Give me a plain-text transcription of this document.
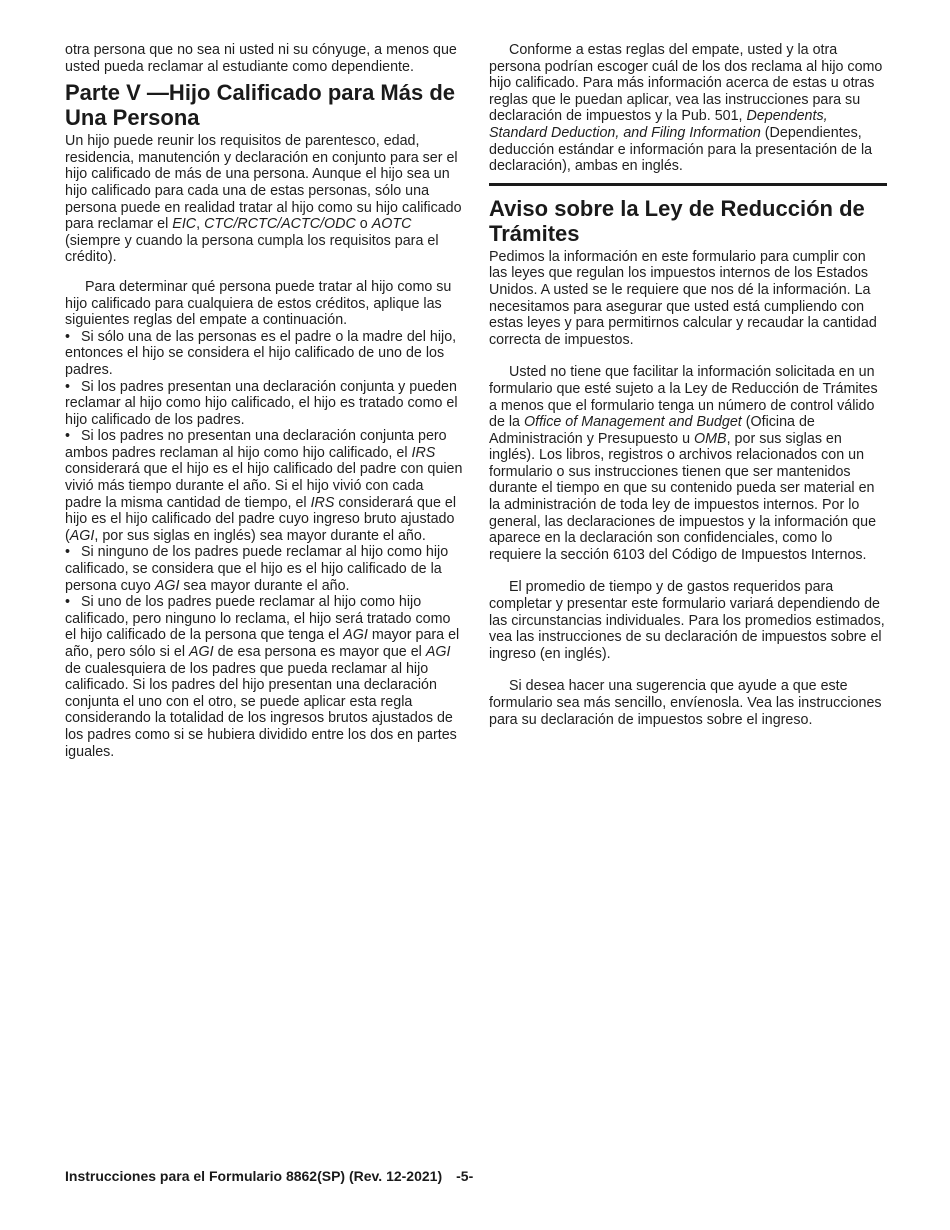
otra persona que no sea ni usted ni su cónyuge, a menos que usted pueda reclamar al estudiante como dependiente.

Parte V —Hijo Calificado para Más de Una Persona

Un hijo puede reunir los requisitos de parentesco, edad, residencia, manutención y declaración en conjunto para ser el hijo calificado de más de una persona. Aunque el hijo sea un hijo calificado para cada una de estas personas, sólo una persona puede en realidad tratar al hijo como su hijo calificado para reclamar el EIC, CTC/RCTC/ACTC/ODC o AOTC (siempre y cuando la persona cumpla los requisitos para el crédito).

Para determinar qué persona puede tratar al hijo como su hijo calificado para cualquiera de estos créditos, aplique las siguientes reglas del empate a continuación.

• Si sólo una de las personas es el padre o la madre del hijo, entonces el hijo se considera el hijo calificado de uno de los padres.

• Si los padres presentan una declaración conjunta y pueden reclamar al hijo como hijo calificado, el hijo es tratado como el hijo calificado de los padres.

• Si los padres no presentan una declaración conjunta pero ambos padres reclaman al hijo como hijo calificado, el IRS considerará que el hijo es el hijo calificado del padre con quien vivió más tiempo durante el año. Si el hijo vivió con cada padre la misma cantidad de tiempo, el IRS considerará que el hijo es el hijo calificado del padre cuyo ingreso bruto ajustado (AGI, por sus siglas en inglés) sea mayor durante el año.

• Si ninguno de los padres puede reclamar al hijo como hijo calificado, se considera que el hijo es el hijo calificado de la persona cuyo AGI sea mayor durante el año.

• Si uno de los padres puede reclamar al hijo como hijo calificado, pero ninguno lo reclama, el hijo será tratado como el hijo calificado de la persona que tenga el AGI mayor para el año, pero sólo si el AGI de esa persona es mayor que el AGI de cualesquiera de los padres que pueda reclamar al hijo calificado. Si los padres del hijo presentan una declaración conjunta el uno con el otro, se puede aplicar esta regla considerando la totalidad de los ingresos brutos ajustados de los padres como si se hubiera dividido entre los dos en partes iguales.

Conforme a estas reglas del empate, usted y la otra persona podrían escoger cuál de los dos reclama al hijo como hijo calificado. Para más información acerca de estas u otras reglas que le puedan aplicar, vea las instrucciones para su declaración de impuestos y la Pub. 501, Dependents, Standard Deduction, and Filing Information (Dependientes, deducción estándar e información para la presentación de la declaración), ambas en inglés.

Aviso sobre la Ley de Reducción de Trámites

Pedimos la información en este formulario para cumplir con las leyes que regulan los impuestos internos de los Estados Unidos. A usted se le requiere que nos dé la información. La necesitamos para asegurar que usted está cumpliendo con estas leyes y para permitirnos calcular y recaudar la cantidad correcta de impuestos.

Usted no tiene que facilitar la información solicitada en un formulario que esté sujeto a la Ley de Reducción de Trámites a menos que el formulario tenga un número de control válido de la Office of Management and Budget (Oficina de Administración y Presupuesto u OMB, por sus siglas en inglés). Los libros, registros o archivos relacionados con un formulario o sus instrucciones tienen que ser mantenidos durante el tiempo en que su contenido pueda ser material en la administración de toda ley de impuestos internos. Por lo general, las declaraciones de impuestos y la información que aparece en la declaración son confidenciales, como lo requiere la sección 6103 del Código de Impuestos Internos.

El promedio de tiempo y de gastos requeridos para completar y presentar este formulario variará dependiendo de las circunstancias individuales. Para los promedios estimados, vea las instrucciones de su declaración de impuestos sobre el ingreso (en inglés).

Si desea hacer una sugerencia que ayude a que este formulario sea más sencillo, envíenosla. Vea las instrucciones para su declaración de impuestos sobre el ingreso.

Instrucciones para el Formulario 8862(SP) (Rev. 12-2021) -5-
